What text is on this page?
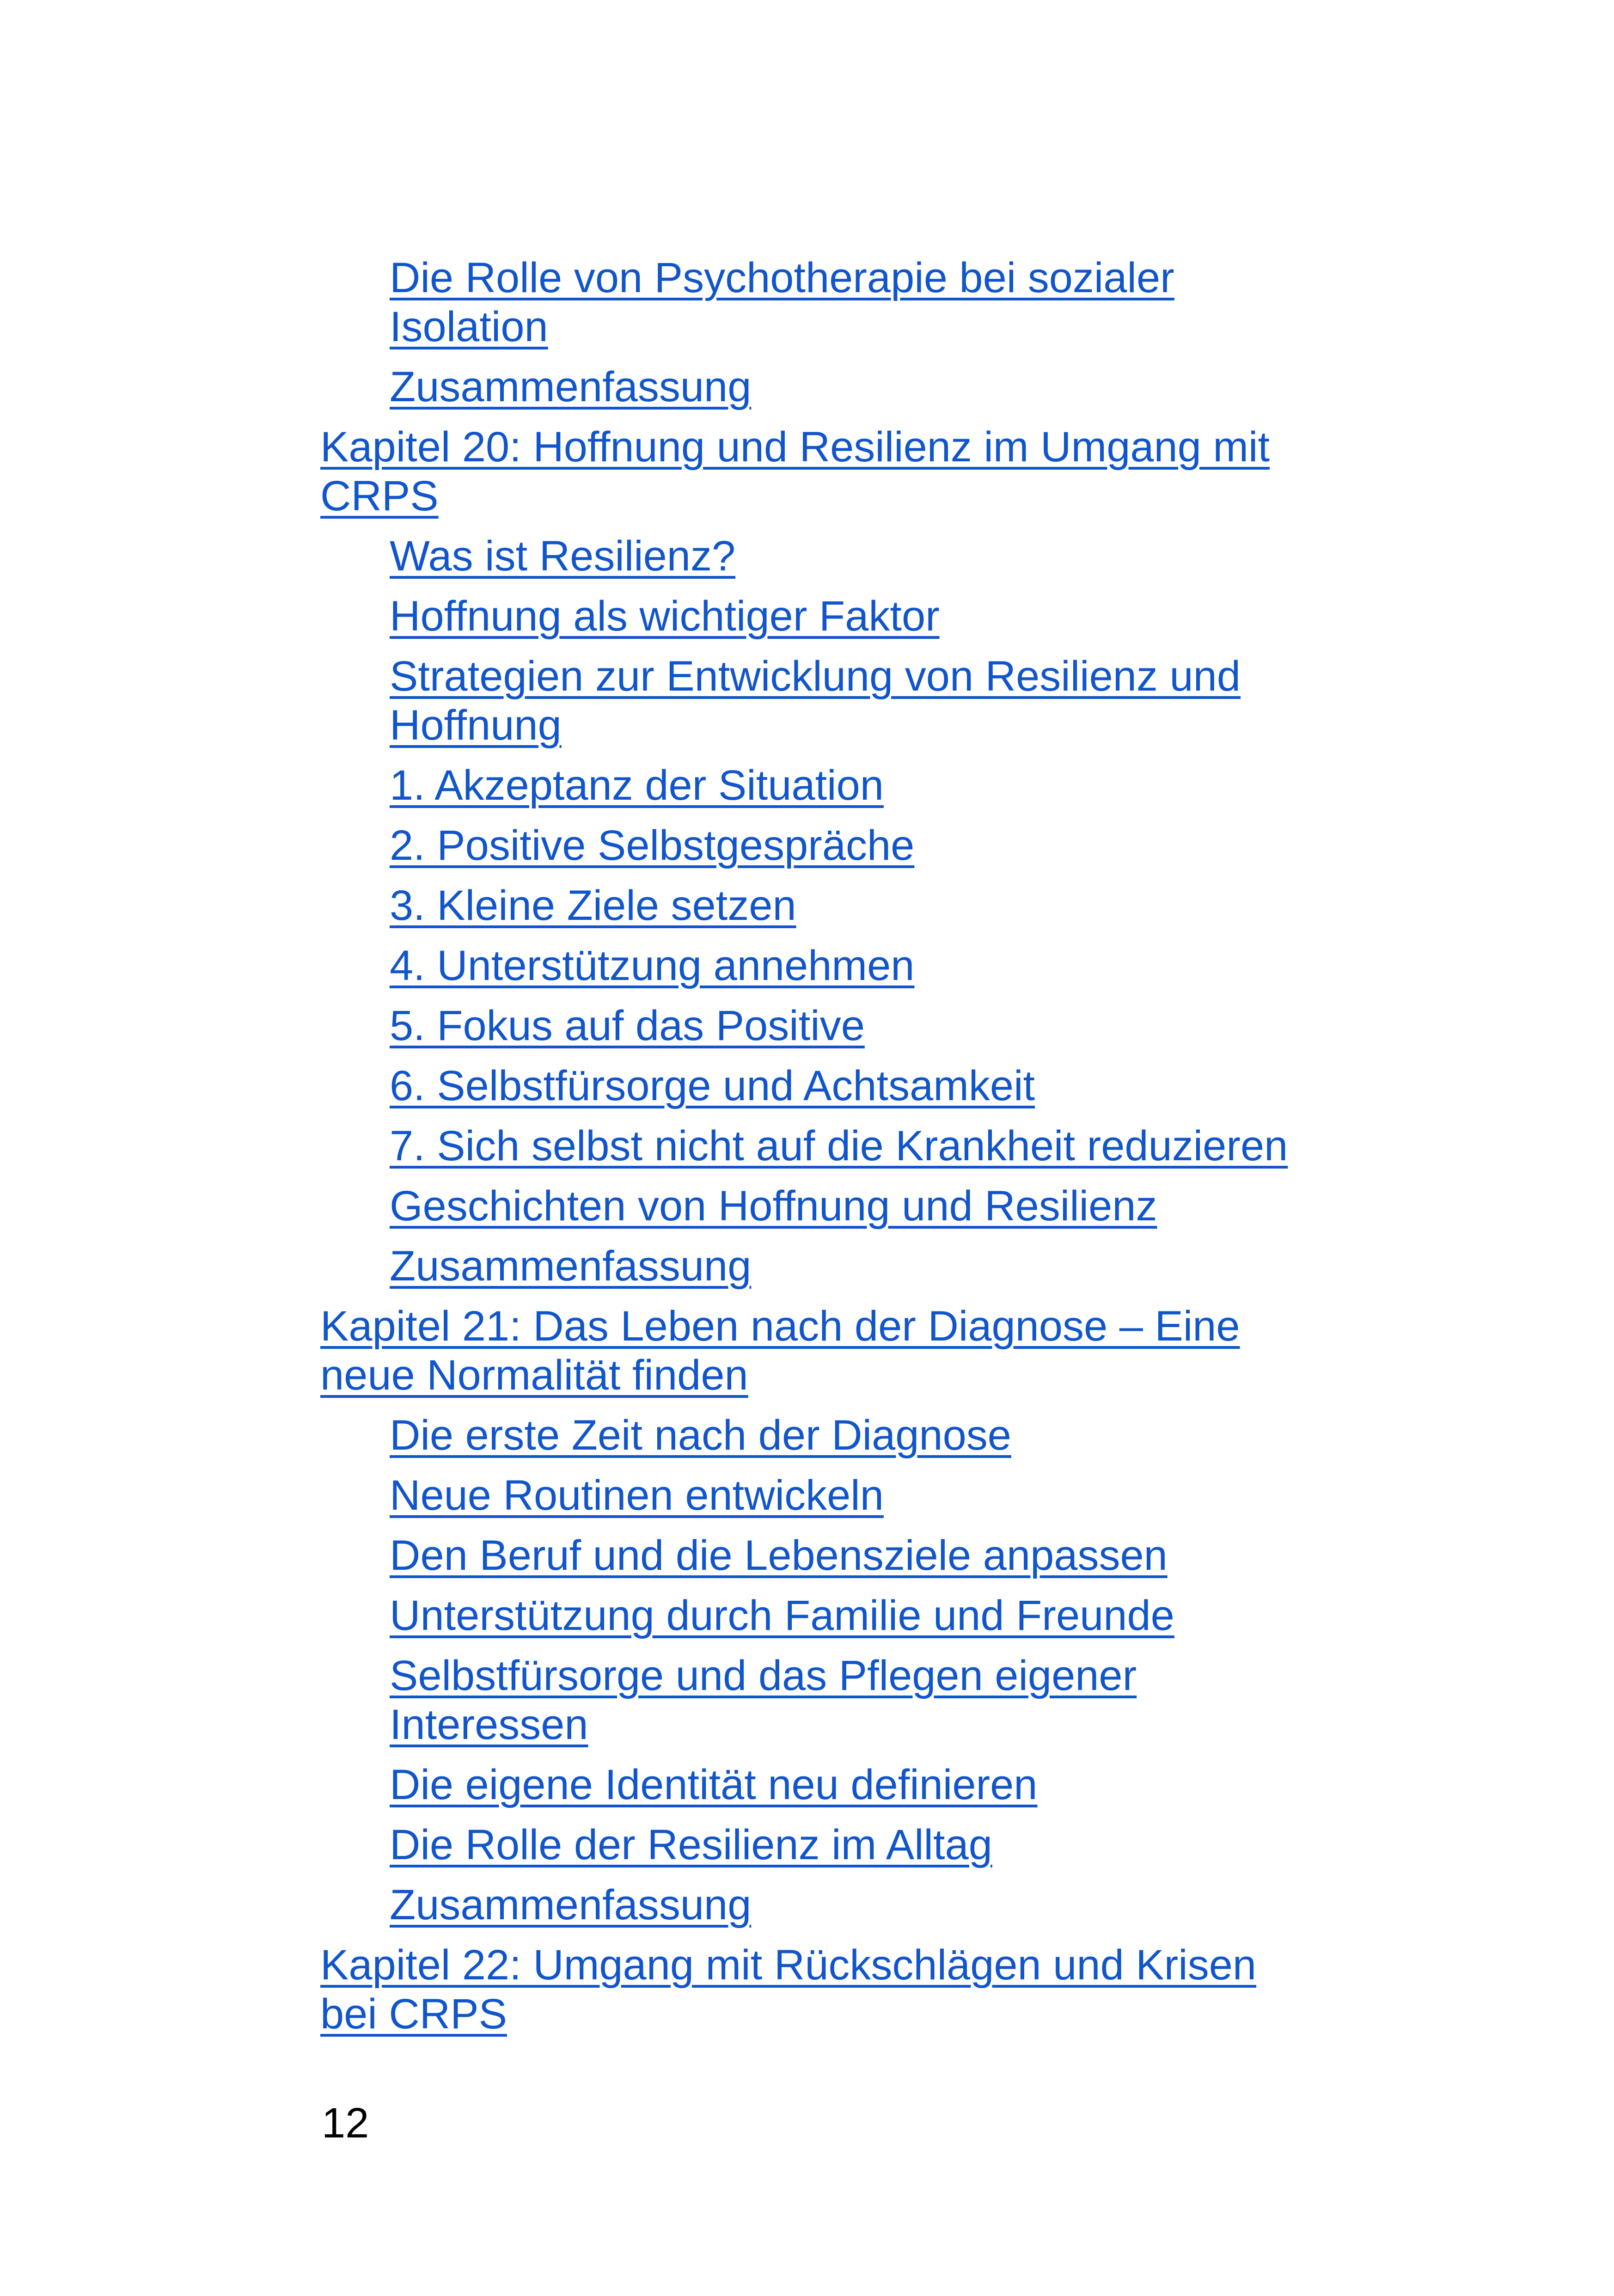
Die Rolle von Psychotherapie bei sozialer
Isolation
Zusammenfassung
Kapitel 20: Hoffnung und Resilienz im Umgang mit
CRPS
Was ist Resilienz?
Hoffnung als wichtiger Faktor
Strategien zur Entwicklung von Resilienz und
Hoffnung
1. Akzeptanz der Situation
2. Positive Selbstgespräche
3. Kleine Ziele setzen
4. Unterstützung annehmen
5. Fokus auf das Positive
6. Selbstfürsorge und Achtsamkeit
7. Sich selbst nicht auf die Krankheit reduzieren
Geschichten von Hoffnung und Resilienz
Zusammenfassung
Kapitel 21: Das Leben nach der Diagnose – Eine
neue Normalität finden
Die erste Zeit nach der Diagnose
Neue Routinen entwickeln
Den Beruf und die Lebensziele anpassen
Unterstützung durch Familie und Freunde
Selbstfürsorge und das Pflegen eigener
Interessen
Die eigene Identität neu definieren
Die Rolle der Resilienz im Alltag
Zusammenfassung
Kapitel 22: Umgang mit Rückschlägen und Krisen
bei CRPS
12
